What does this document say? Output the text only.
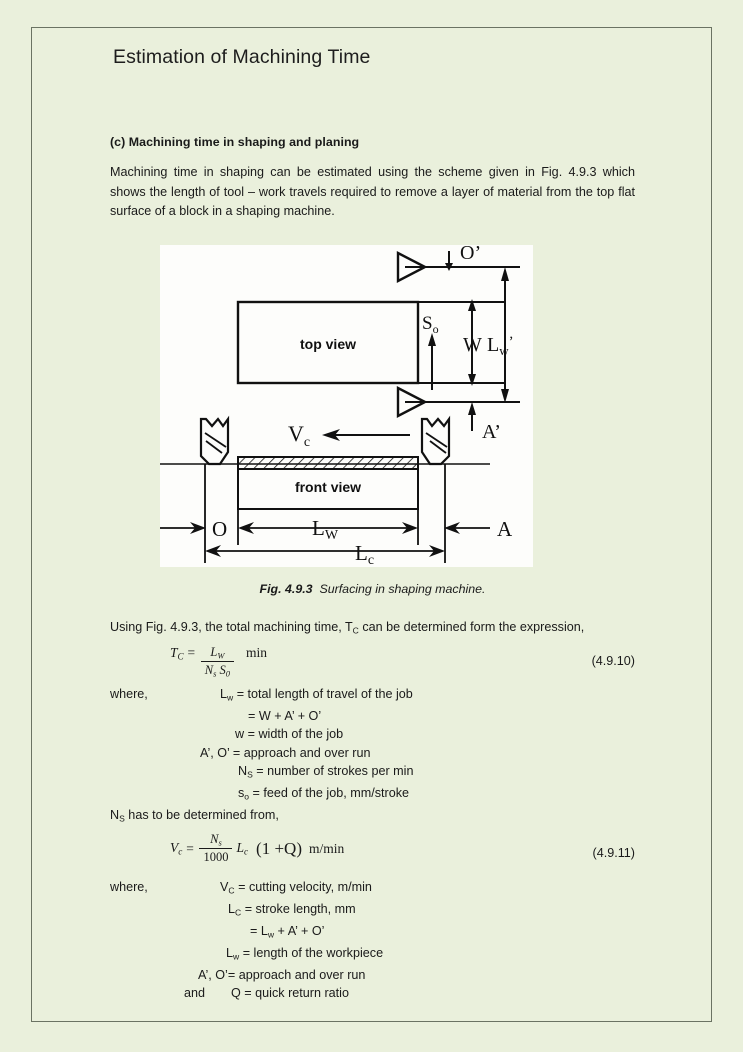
Estimation of Machining Time

(c) Machining time in shaping and planing

Machining time in shaping can be estimated using the scheme given in Fig. 4.9.3 which shows the length of tool – work travels required to remove a layer of material from the top flat surface of a block in a shaping machine.

top view
front view
O’
A’
W $L_w^’$
$S_o$
$V_c$
O	A
LW
Lc
Fig. 4.9.3 Surfacing in shaping machine.

Using Fig. 4.9.3, the total machining time, $T_C$ can be determined form the expression,

$T_C = \frac{L_W}{N_s S_0}$ min
(4.9.10)
where,	$L_w$ = total length of travel of the job
= W + A’ + O’
w = width of the job
A’, O’ = approach and over run
$N_S$ = number of strokes per min
$s_o$ = feed of the job, mm/stroke
$N_S$ has to be determined from,
$V_c = \frac{N_s}{1000} L_c$ (1 +Q) m/min	(4.9.11)
where,	$V_C$ = cutting velocity, m/min
$L_C$ = stroke length, mm
= $L_w + A$’ + O’
$L_w$ = length of the workpiece
A’, O’= approach and over run
and Q = quick return ratio
